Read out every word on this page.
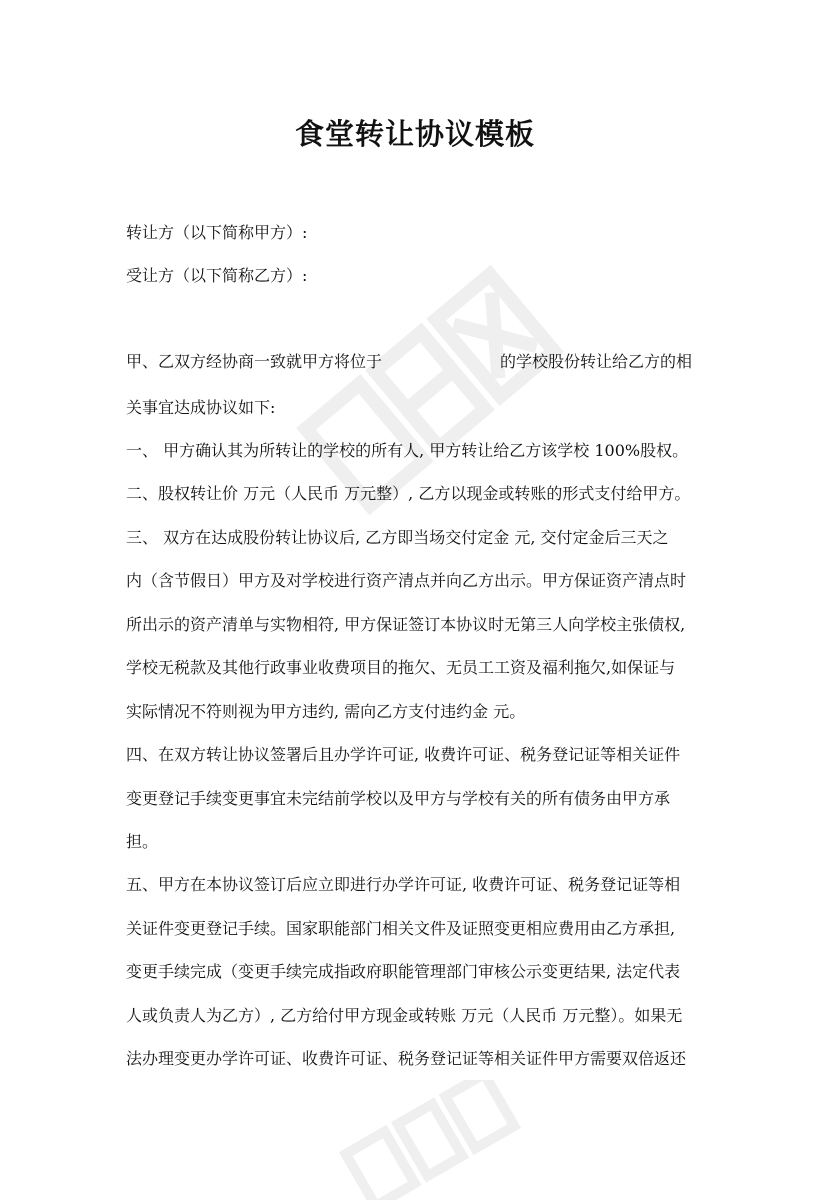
食堂转让协议模板
转让方（以下简称甲方）:
受让方（以下简称乙方）:
甲、乙双方经协商一致就甲方将位于	的学校股份转让给乙方的相
关事宜达成协议如下:
一、 甲方确认其为所转让的学校的所有人, 甲方转让给乙方该学校 100%股权。
二、股权转让价 万元（人民币 万元整）, 乙方以现金或转账的形式支付给甲方。
三、 双方在达成股份转让协议后, 乙方即当场交付定金 元, 交付定金后三天之
内（含节假日）甲方及对学校进行资产清点并向乙方出示。甲方保证资产清点时
所出示的资产清单与实物相符, 甲方保证签订本协议时无第三人向学校主张债权,
学校无税款及其他行政事业收费项目的拖欠、无员工工资及福利拖欠,如保证与
实际情况不符则视为甲方违约, 需向乙方支付违约金 元。
四、在双方转让协议签署后且办学许可证, 收费许可证、税务登记证等相关证件
变更登记手续变更事宜未完结前学校以及甲方与学校有关的所有债务由甲方承
担。
五、甲方在本协议签订后应立即进行办学许可证, 收费许可证、税务登记证等相
关证件变更登记手续。国家职能部门相关文件及证照变更相应费用由乙方承担,
变更手续完成（变更手续完成指政府职能管理部门审核公示变更结果, 法定代表
人或负责人为乙方）, 乙方给付甲方现金或转账 万元（人民币 万元整）。如果无
法办理变更办学许可证、收费许可证、税务登记证等相关证件甲方需要双倍返还
